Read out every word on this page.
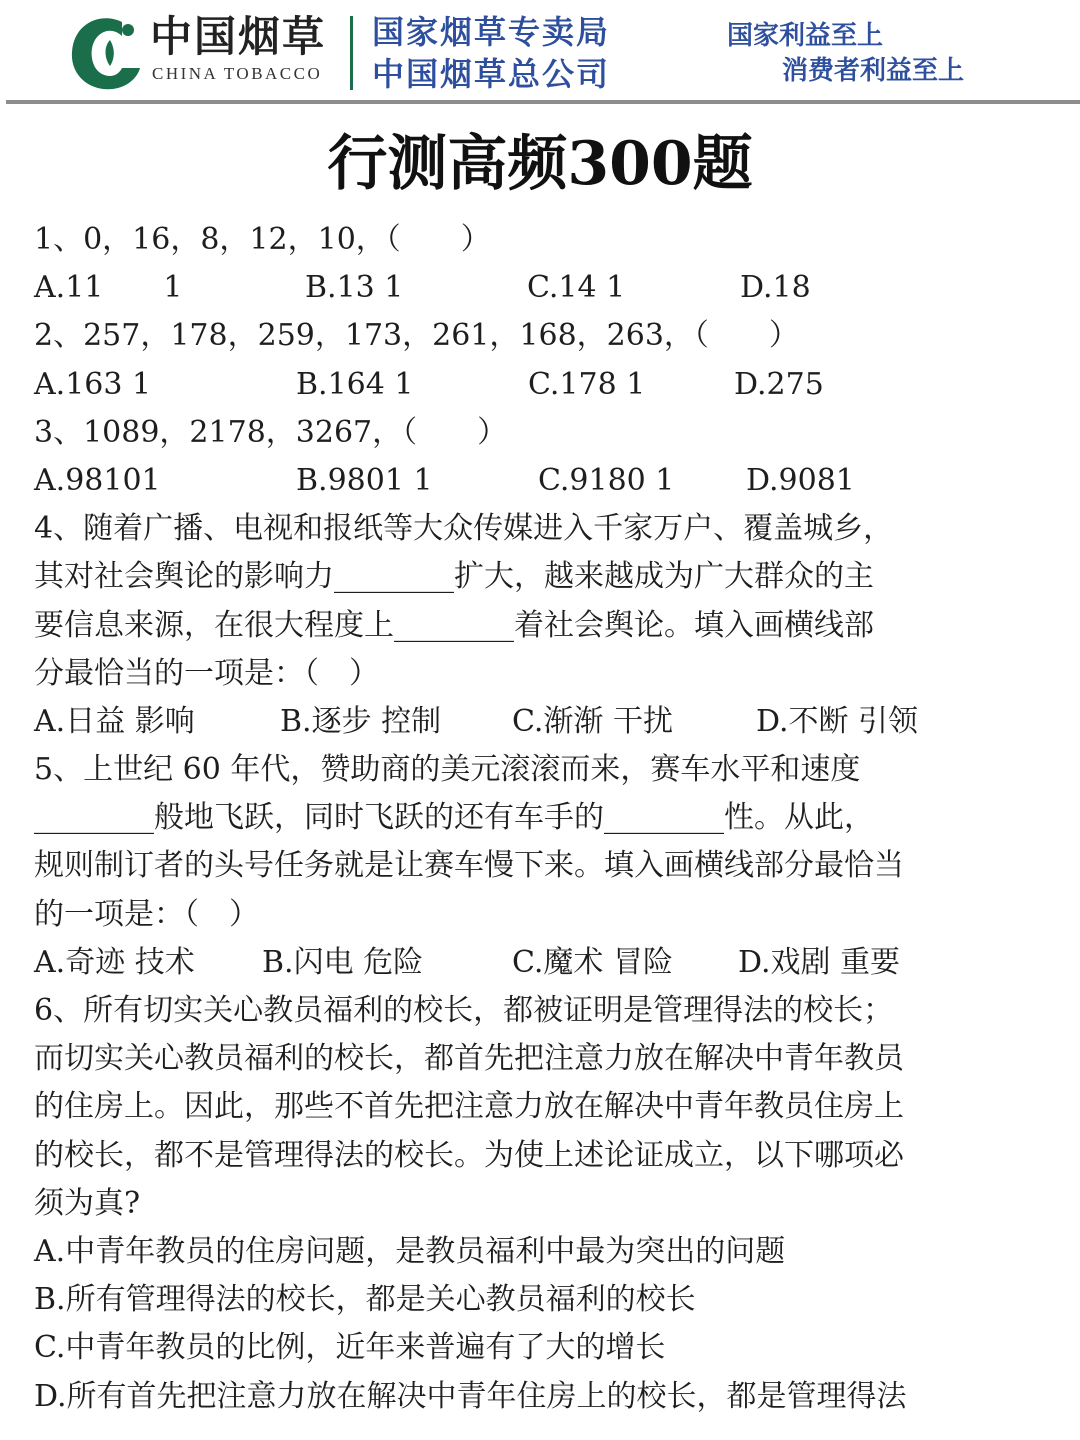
中国烟草
CHINA TOBACCO
国家烟草专卖局
中国烟草总公司
国家利益至上
消费者利益至上
行测高频300题
1、0，16，8，12，10，（　　）
A.11　　1	B.13 1	C.14 1	D.18
2、257，178，259，173，261，168，263，（　　）
A.163 1	B.164 1	C.178 1	D.275
3、1089，2178，3267，（　　）
A.98101	B.9801 1	C.9180 1 D.9081
4、随着广播、电视和报纸等大众传媒进入千家万户、覆盖城乡，
其对社会舆论的影响力________扩大，越来越成为广大群众的主
要信息来源，在很大程度上________着社会舆论。填入画横线部
分最恰当的一项是：（　）
A.日益 影响	B.逐步 控制 C.渐渐 干扰	D.不断 引领
5、上世纪 60 年代，赞助商的美元滚滚而来，赛车水平和速度
________般地飞跃，同时飞跃的还有车手的________性。从此，
规则制订者的头号任务就是让赛车慢下来。填入画横线部分最恰当
的一项是：（　）
A.奇迹 技术 B.闪电 危险	C.魔术 冒险 D.戏剧 重要
6、所有切实关心教员福利的校长，都被证明是管理得法的校长；
而切实关心教员福利的校长，都首先把注意力放在解决中青年教员
的住房上。因此，那些不首先把注意力放在解决中青年教员住房上
的校长，都不是管理得法的校长。为使上述论证成立，以下哪项必
须为真?
A.中青年教员的住房问题，是教员福利中最为突出的问题
B.所有管理得法的校长，都是关心教员福利的校长
C.中青年教员的比例，近年来普遍有了大的增长
D.所有首先把注意力放在解决中青年住房上的校长，都是管理得法
